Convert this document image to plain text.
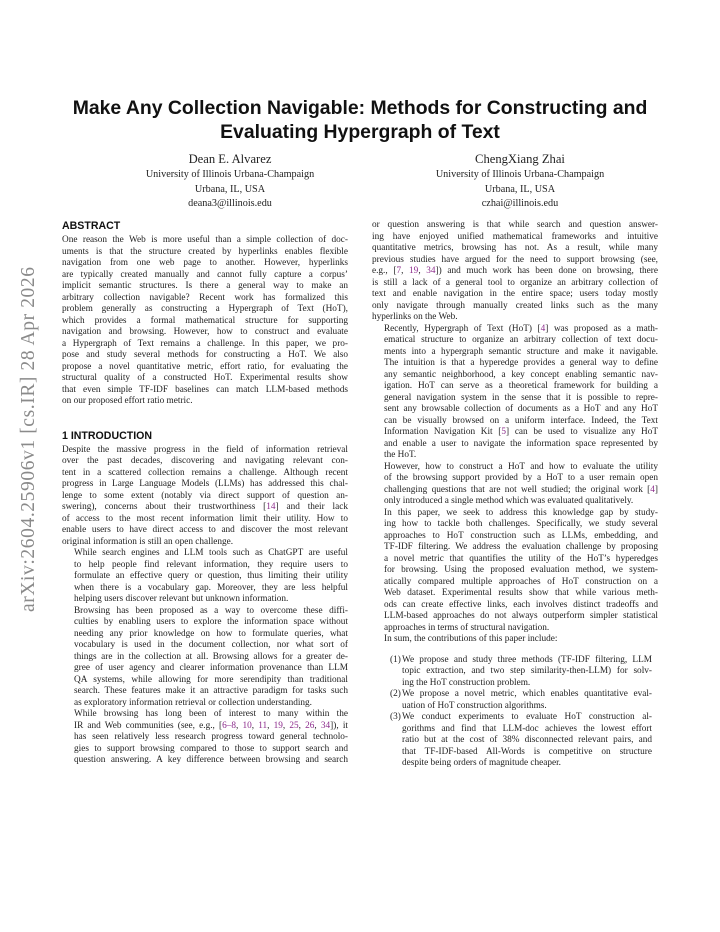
arXiv:2604.25906v1 [cs.IR] 28 Apr 2026
Make Any Collection Navigable: Methods for Constructing and
Evaluating Hypergraph of Text
Dean E. Alvarez
University of Illinois Urbana-Champaign
Urbana, IL, USA
deana3@illinois.edu
ChengXiang Zhai
University of Illinois Urbana-Champaign
Urbana, IL, USA
czhai@illinois.edu
ABSTRACT
One reason the Web is more useful than a simple collection of doc-
uments is that the structure created by hyperlinks enables flexible
navigation from one web page to another. However, hyperlinks
are typically created manually and cannot fully capture a corpus’
implicit semantic structures. Is there a general way to make an
arbitrary collection navigable? Recent work has formalized this
problem generally as constructing a Hypergraph of Text (HoT),
which provides a formal mathematical structure for supporting
navigation and browsing. However, how to construct and evaluate
a Hypergraph of Text remains a challenge. In this paper, we pro-
pose and study several methods for constructing a HoT. We also
propose a novel quantitative metric, effort ratio, for evaluating the
structural quality of a constructed HoT. Experimental results show
that even simple TF-IDF baselines can match LLM-based methods
on our proposed effort ratio metric.
1 INTRODUCTION
Despite the massive progress in the field of information retrieval
over the past decades, discovering and navigating relevant con-
tent in a scattered collection remains a challenge. Although recent
progress in Large Language Models (LLMs) has addressed this chal-
lenge to some extent (notably via direct support of question an-
swering), concerns about their trustworthiness [14] and their lack
of access to the most recent information limit their utility. How to
enable users to have direct access to and discover the most relevant
original information is still an open challenge.
While search engines and LLM tools such as ChatGPT are useful
to help people find relevant information, they require users to
formulate an effective query or question, thus limiting their utility
when there is a vocabulary gap. Moreover, they are less helpful
helping users discover relevant but unknown information.
Browsing has been proposed as a way to overcome these diffi-
culties by enabling users to explore the information space without
needing any prior knowledge on how to formulate queries, what
vocabulary is used in the document collection, nor what sort of
things are in the collection at all. Browsing allows for a greater de-
gree of user agency and clearer information provenance than LLM
QA systems, while allowing for more serendipity than traditional
search. These features make it an attractive paradigm for tasks such
as exploratory information retrieval or collection understanding.
While browsing has long been of interest to many within the
IR and Web communities (see, e.g., [6–8, 10, 11, 19, 25, 26, 34]), it
has seen relatively less research progress toward general technolo-
gies to support browsing compared to those to support search and
question answering. A key difference between browsing and search
or question answering is that while search and question answer-
ing have enjoyed unified mathematical frameworks and intuitive
quantitative metrics, browsing has not. As a result, while many
previous studies have argued for the need to support browsing (see,
e.g., [7, 19, 34]) and much work has been done on browsing, there
is still a lack of a general tool to organize an arbitrary collection of
text and enable navigation in the entire space; users today mostly
only navigate through manually created links such as the many
hyperlinks on the Web.
Recently, Hypergraph of Text (HoT) [4] was proposed as a math-
ematical structure to organize an arbitrary collection of text docu-
ments into a hypergraph semantic structure and make it navigable.
The intuition is that a hyperedge provides a general way to define
any semantic neighborhood, a key concept enabling semantic nav-
igation. HoT can serve as a theoretical framework for building a
general navigation system in the sense that it is possible to repre-
sent any browsable collection of documents as a HoT and any HoT
can be visually browsed on a uniform interface. Indeed, the Text
Information Navigation Kit [5] can be used to visualize any HoT
and enable a user to navigate the information space represented by
the HoT.
However, how to construct a HoT and how to evaluate the utility
of the browsing support provided by a HoT to a user remain open
challenging questions that are not well studied; the original work [4]
only introduced a single method which was evaluated qualitatively.
In this paper, we seek to address this knowledge gap by study-
ing how to tackle both challenges. Specifically, we study several
approaches to HoT construction such as LLMs, embedding, and
TF-IDF filtering. We address the evaluation challenge by proposing
a novel metric that quantifies the utility of the HoT’s hyperedges
for browsing. Using the proposed evaluation method, we system-
atically compared multiple approaches of HoT construction on a
Web dataset. Experimental results show that while various meth-
ods can create effective links, each involves distinct tradeoffs and
LLM-based approaches do not always outperform simpler statistical
approaches in terms of structural navigation.
In sum, the contributions of this paper include:
(1) We propose and study three methods (TF-IDF filtering, LLM
topic extraction, and two step similarity-then-LLM) for solv-
ing the HoT construction problem.
(2) We propose a novel metric, which enables quantitative eval-
uation of HoT construction algorithms.
(3) We conduct experiments to evaluate HoT construction al-
gorithms and find that LLM-doc achieves the lowest effort
ratio but at the cost of 38% disconnected relevant pairs, and
that TF-IDF-based All-Words is competitive on structure
despite being orders of magnitude cheaper.
